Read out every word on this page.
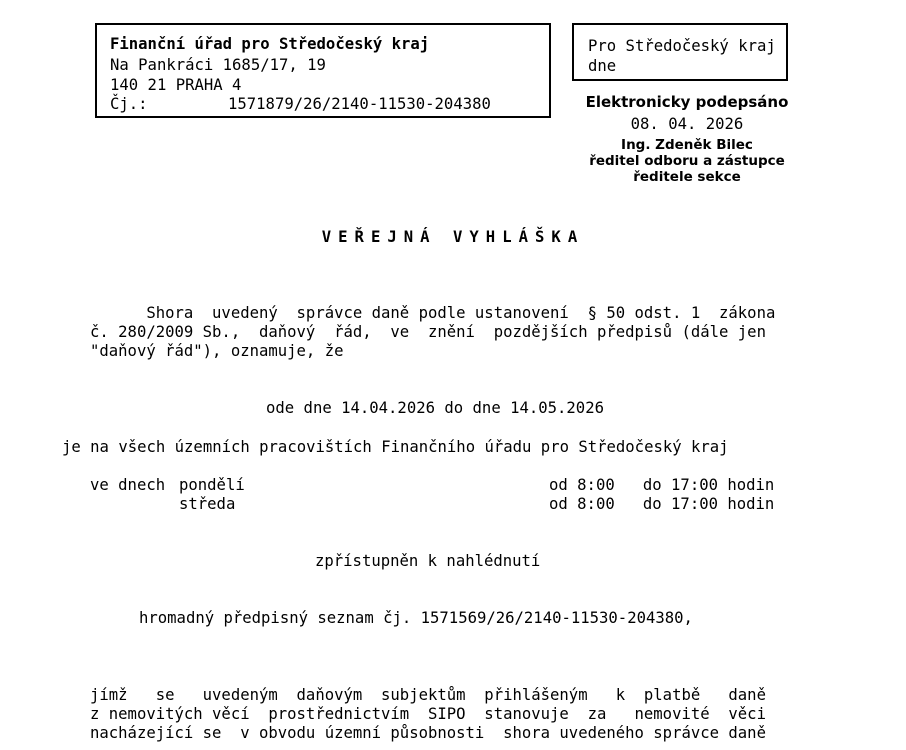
Finanční úřad pro Středočeský kraj
Na Pankráci 1685/17, 19
140 21 PRAHA 4
Čj.:	1571879/26/2140-11530-204380
Pro Středočeský kraj
dne
Elektronicky podepsáno
08. 04. 2026
Ing. Zdeněk Bilec
ředitel odboru a zástupce
ředitele sekce
VEŘEJNÁ VYHLÁŠKA
Shora  uvedený  správce daně podle ustanovení  § 50 odst. 1  zákona
č. 280/2009 Sb.,  daňový  řád,  ve  znění  pozdějších předpisů (dále jen
"daňový řád"), oznamuje, že
ode dne 14.04.2026 do dne 14.05.2026
je na všech územních pracovištích Finančního úřadu pro Středočeský kraj
ve dnech pondělí	od 8:00   do 17:00 hodin
středa	od 8:00   do 17:00 hodin
zpřístupněn k nahlédnutí
hromadný předpisný seznam čj. 1571569/26/2140-11530-204380,
jímž   se   uvedeným  daňovým  subjektům  přihlášeným   k  platbě   daně
z nemovitých věcí  prostřednictvím  SIPO  stanovuje  za   nemovité  věci
nacházející se  v obvodu územní působnosti  shora uvedeného správce daně
